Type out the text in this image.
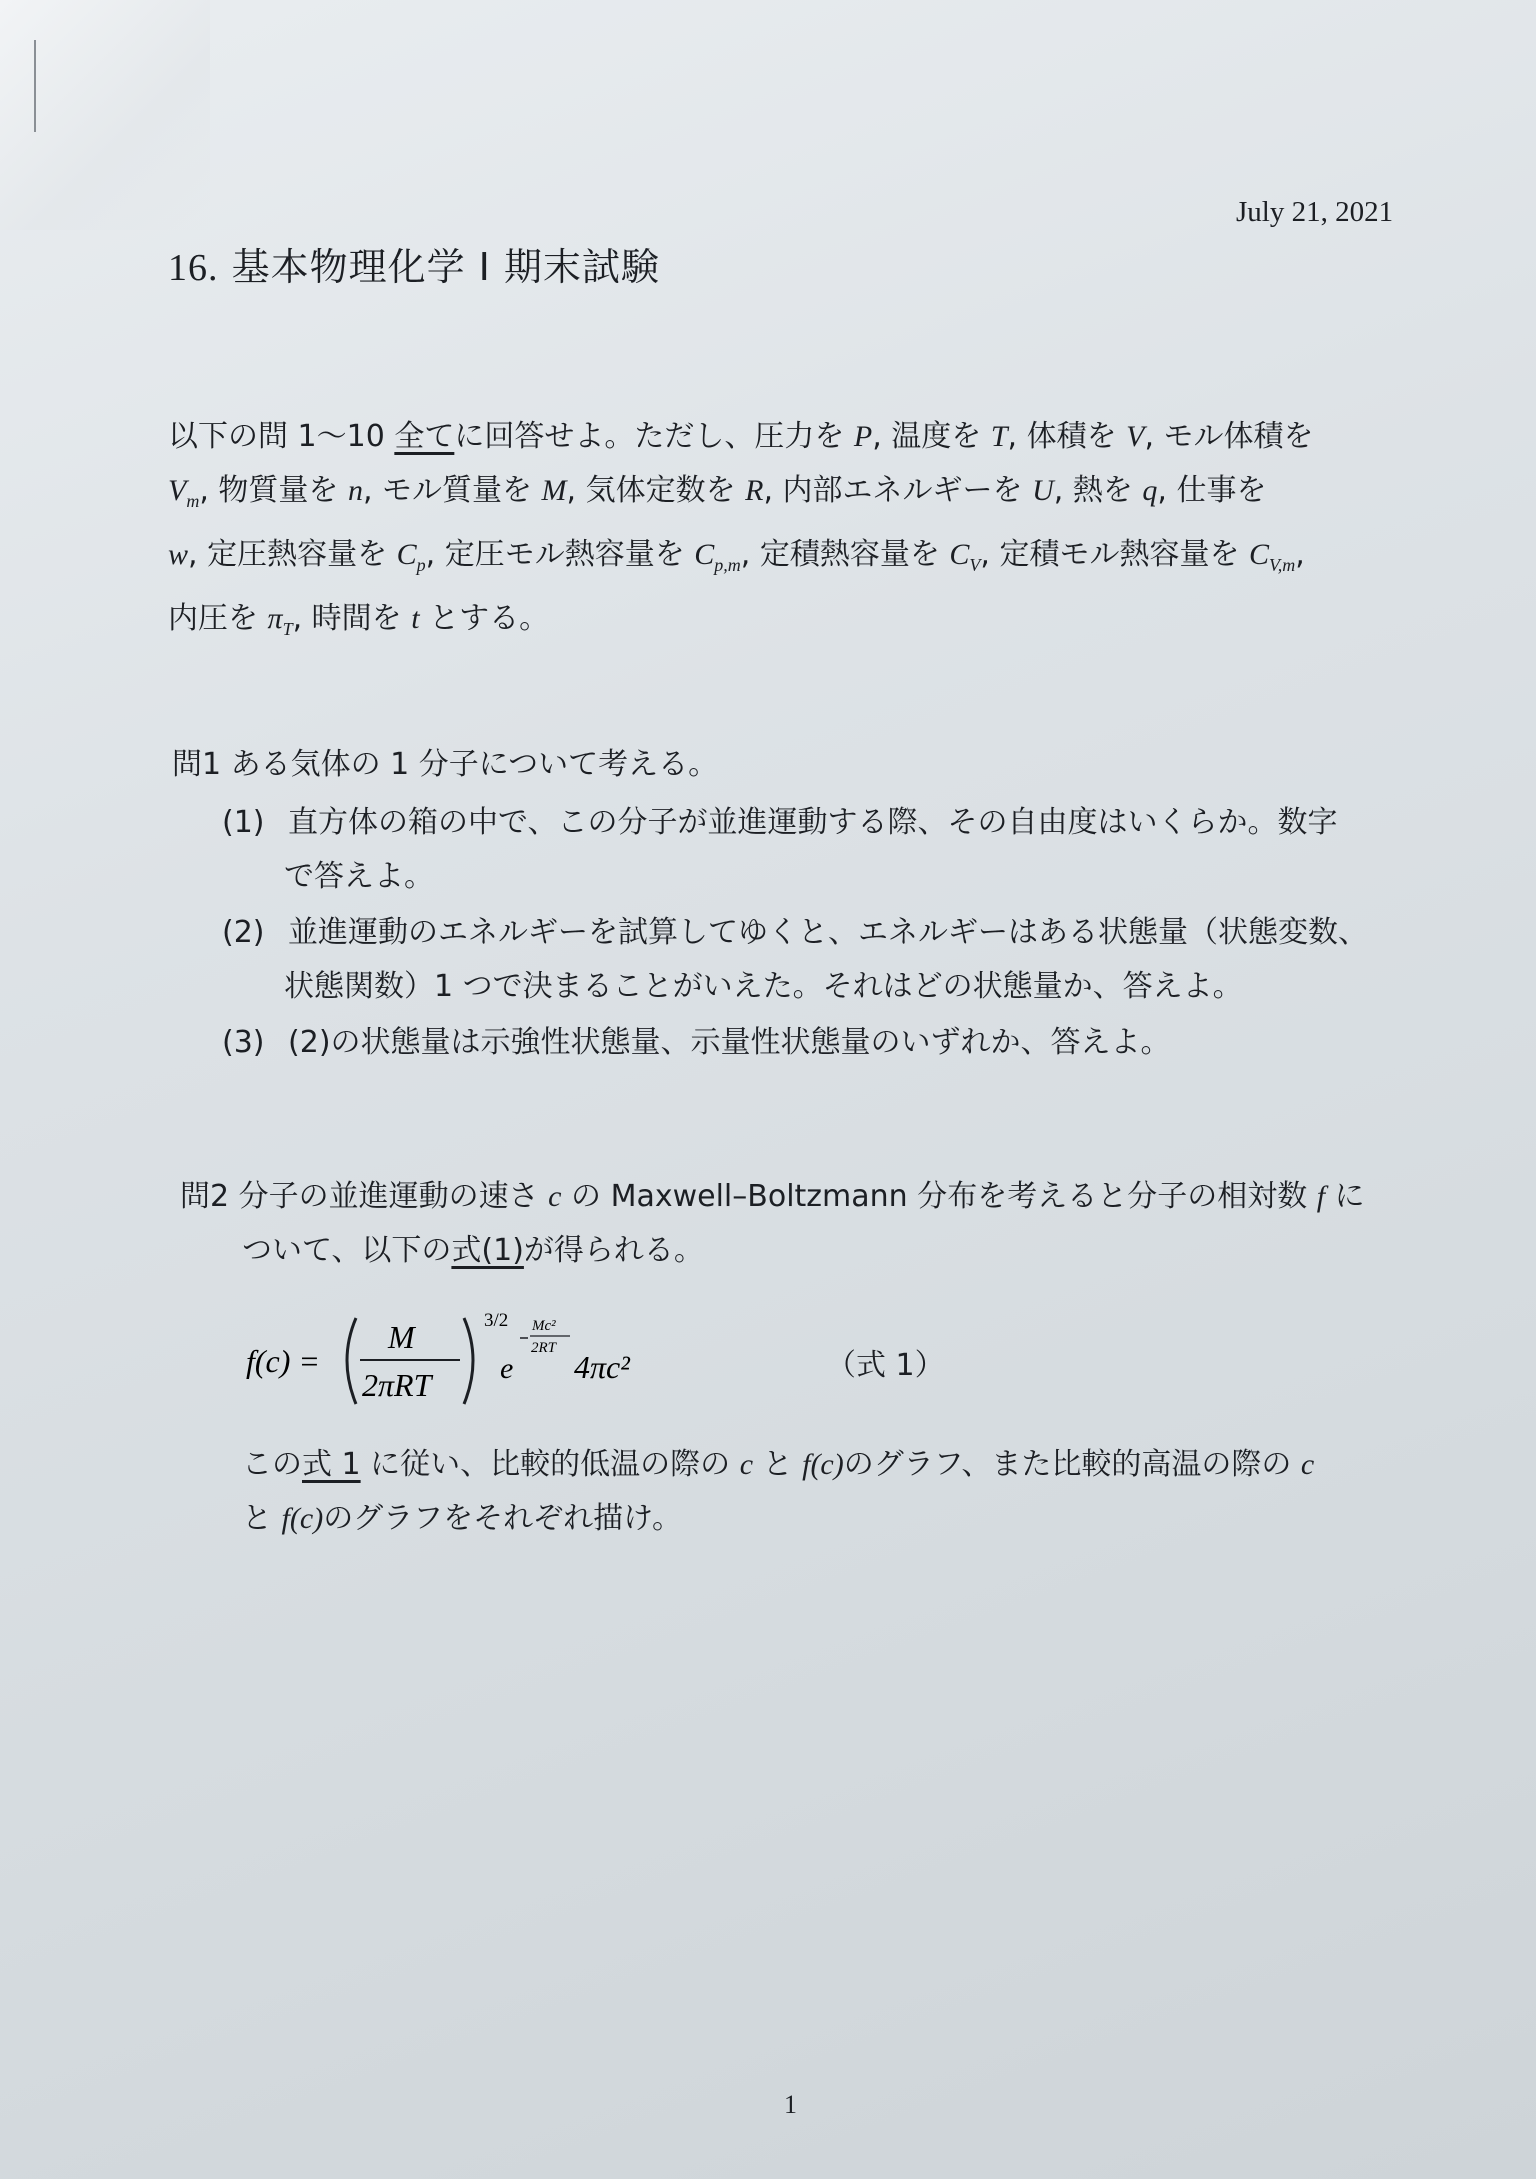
July 21, 2021
16. 基本物理化学 I 期末試験
以下の問 1～10 全てに回答せよ。ただし、圧力を P, 温度を T, 体積を V, モル体積を
$V_m$, 物質量を n, モル質量を M, 気体定数を R, 内部エネルギーを U, 熱を q, 仕事を
w, 定圧熱容量を $C_p$, 定圧モル熱容量を $C_{p,m}$, 定積熱容量を $C_V$, 定積モル熱容量を $C_{V,m}$,
内圧を $\pi_T$, 時間を t とする。
問1 ある気体の 1 分子について考える。
(1) 直方体の箱の中で、この分子が並進運動する際、その自由度はいくらか。数字
で答えよ。
(2) 並進運動のエネルギーを試算してゆくと、エネルギーはある状態量（状態変数、
状態関数）1 つで決まることがいえた。それはどの状態量か、答えよ。
(3) (2)の状態量は示強性状態量、示量性状態量のいずれか、答えよ。
問2 分子の並進運動の速さ c の Maxwell–Boltzmann 分布を考えると分子の相対数 f に
ついて、以下の式(1)が得られる。
f(c) =
M
2πRT
3/2
e
Mc²
2RT
4πc²	（式 1）
この式 1 に従い、比較的低温の際の c と f(c)のグラフ、また比較的高温の際の c
と f(c)のグラフをそれぞれ描け。
1
